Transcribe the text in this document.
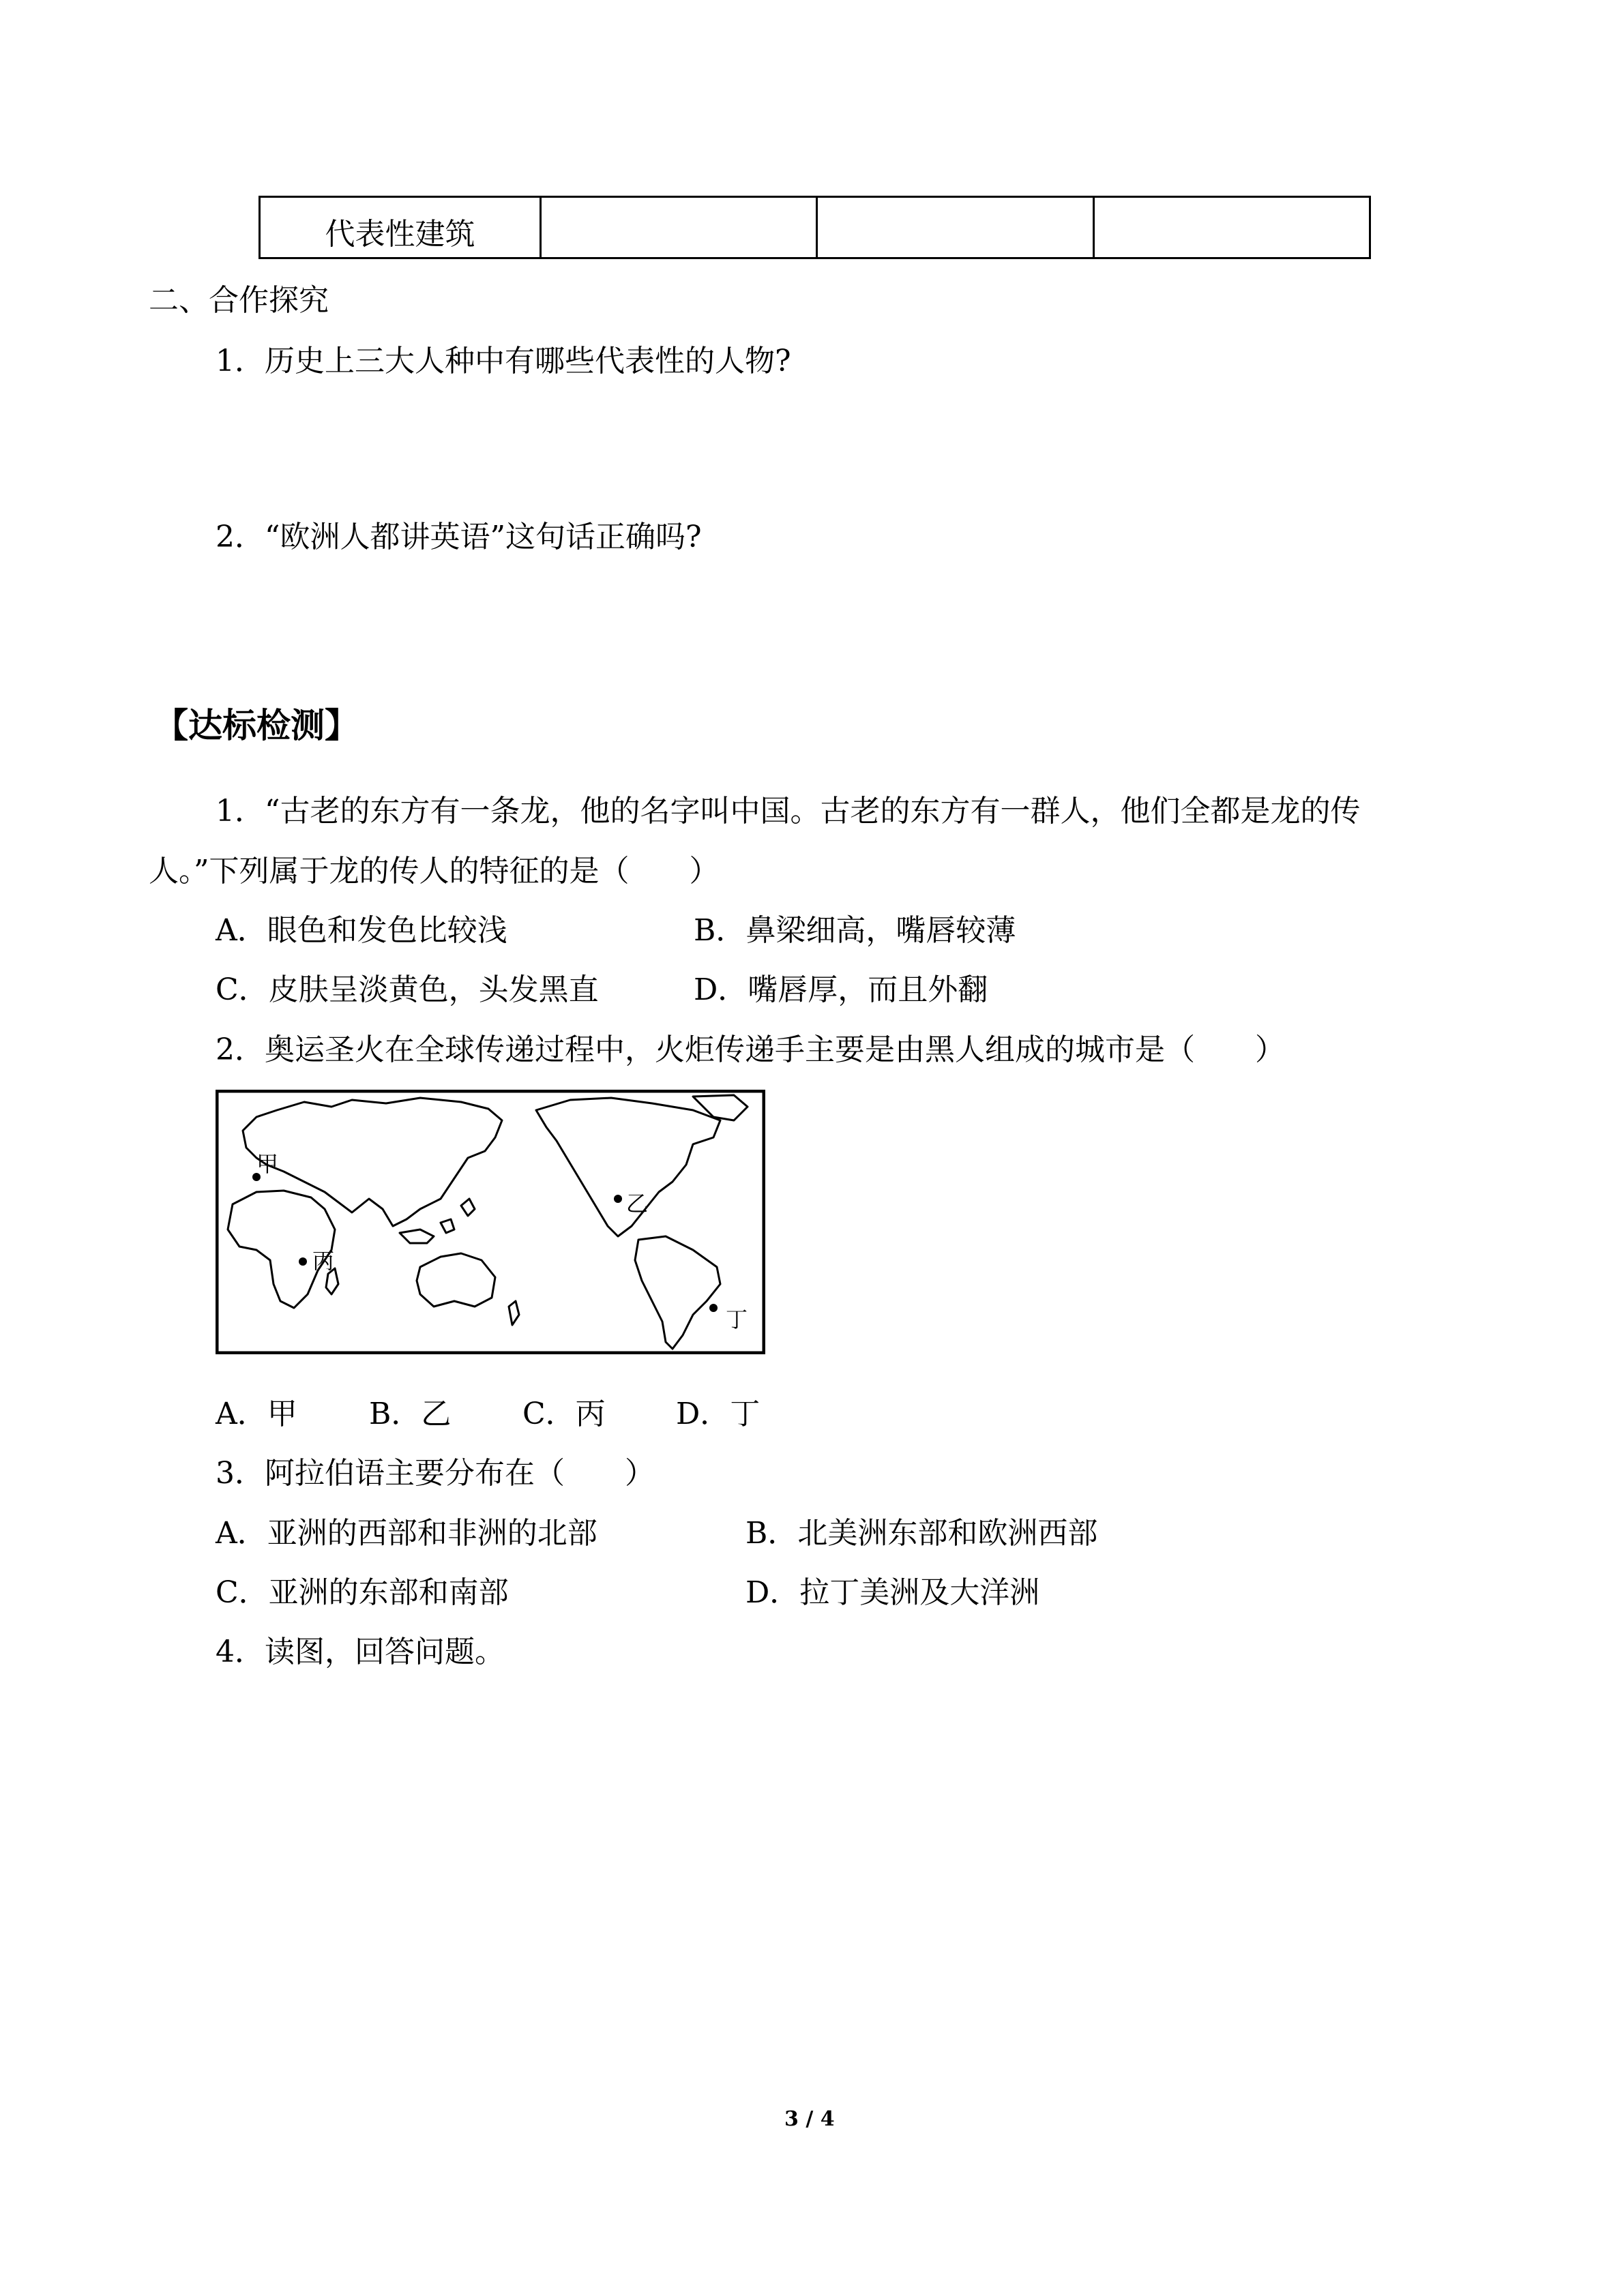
代表性建筑			
二、合作探究
1．历史上三大人种中有哪些代表性的人物?
2．“欧洲人都讲英语”这句话正确吗?
【达标检测】
1．“古老的东方有一条龙，他的名字叫中国。古老的东方有一群人，他们全都是龙的传
人。”下列属于龙的传人的特征的是（　　）
A．眼色和发色比较浅	B．鼻梁细高，嘴唇较薄
C．皮肤呈淡黄色，头发黑直	D．嘴唇厚，而且外翻
2．奥运圣火在全球传递过程中，火炬传递手主要是由黑人组成的城市是（　　）
甲
乙
丙
丁
A．甲 B．乙 C．丙 D．丁
3．阿拉伯语主要分布在（　　）
A．亚洲的西部和非洲的北部	B．北美洲东部和欧洲西部
C．亚洲的东部和南部	D．拉丁美洲及大洋洲
4．读图，回答问题。
3 / 4
